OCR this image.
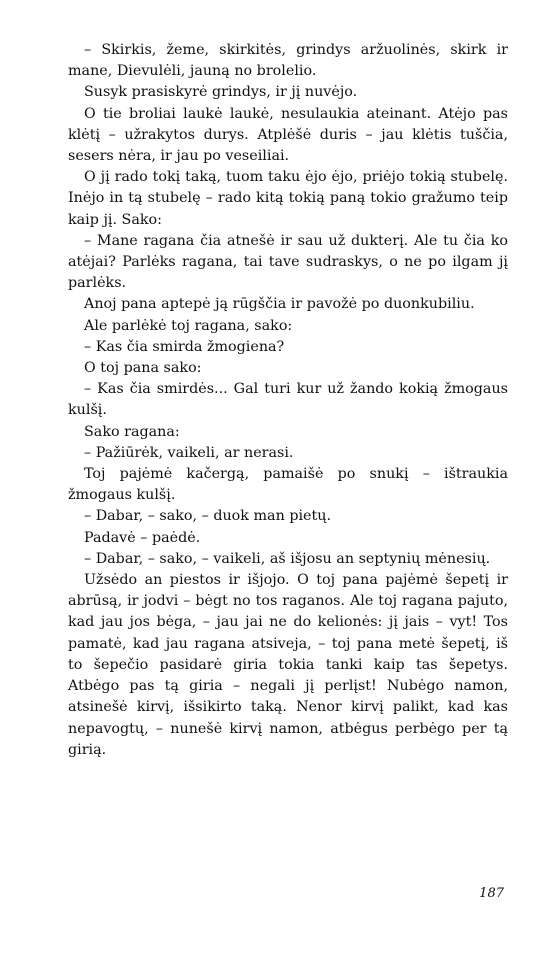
– Skirkis, žeme, skirkitės, grindys aržuolinės, skirk ir mane, Dievulėli, jauną no brolelio.

Susyk prasiskyrė grindys, ir jį nuvėjo.

O tie broliai laukė laukė, nesulaukia ateinant. Atėjo pas klėtį – užrakytos durys. Atplėšė duris – jau klėtis tuščia, sesers nėra, ir jau po veseiliai.

O jį rado tokį taką, tuom taku ėjo ėjo, priėjo tokią stubelę. Inėjo in tą stubelę – rado kitą tokią paną tokio gražumo teip kaip jį. Sako:

– Mane ragana čia atnešė ir sau už dukterį. Ale tu čia ko atėjai? Parlėks ragana, tai tave sudraskys, o ne po ilgam jį parlėks.

Anoj pana aptepė ją rūgščia ir pavožė po duonkubiliu.

Ale parlėkė toj ragana, sako:

– Kas čia smirda žmogiena?

O toj pana sako:

– Kas čia smirdės... Gal turi kur už žando kokią žmogaus kulšį.

Sako ragana:

– Pažiūrėk, vaikeli, ar nerasi.

Toj pajėmė kačergą, pamaišė po snukį – ištraukia žmogaus kulšį.

– Dabar, – sako, – duok man pietų.

Padavė – paėdė.

– Dabar, – sako, – vaikeli, aš išjosu an septynių mėnesių.

Užsėdo an piestos ir išjojo. O toj pana pajėmė šepetį ir abrūsą, ir jodvi – bėgt no tos raganos. Ale toj ragana pajuto, kad jau jos bėga, – jau jai ne do kelionės: jį jais – vyt! Tos pamatė, kad jau ragana atsiveja, – toj pana metė šepetį, iš to šepečio pasidarė giria tokia tanki kaip tas šepetys. Atbėgo pas tą giria – negali jį perlįst! Nubėgo namon, atsinešė kirvį, išsikirto taką. Nenor kirvį palikt, kad kas nepavogtų, – nunešė kirvį namon, atbėgus perbėgo per tą girią.

187
